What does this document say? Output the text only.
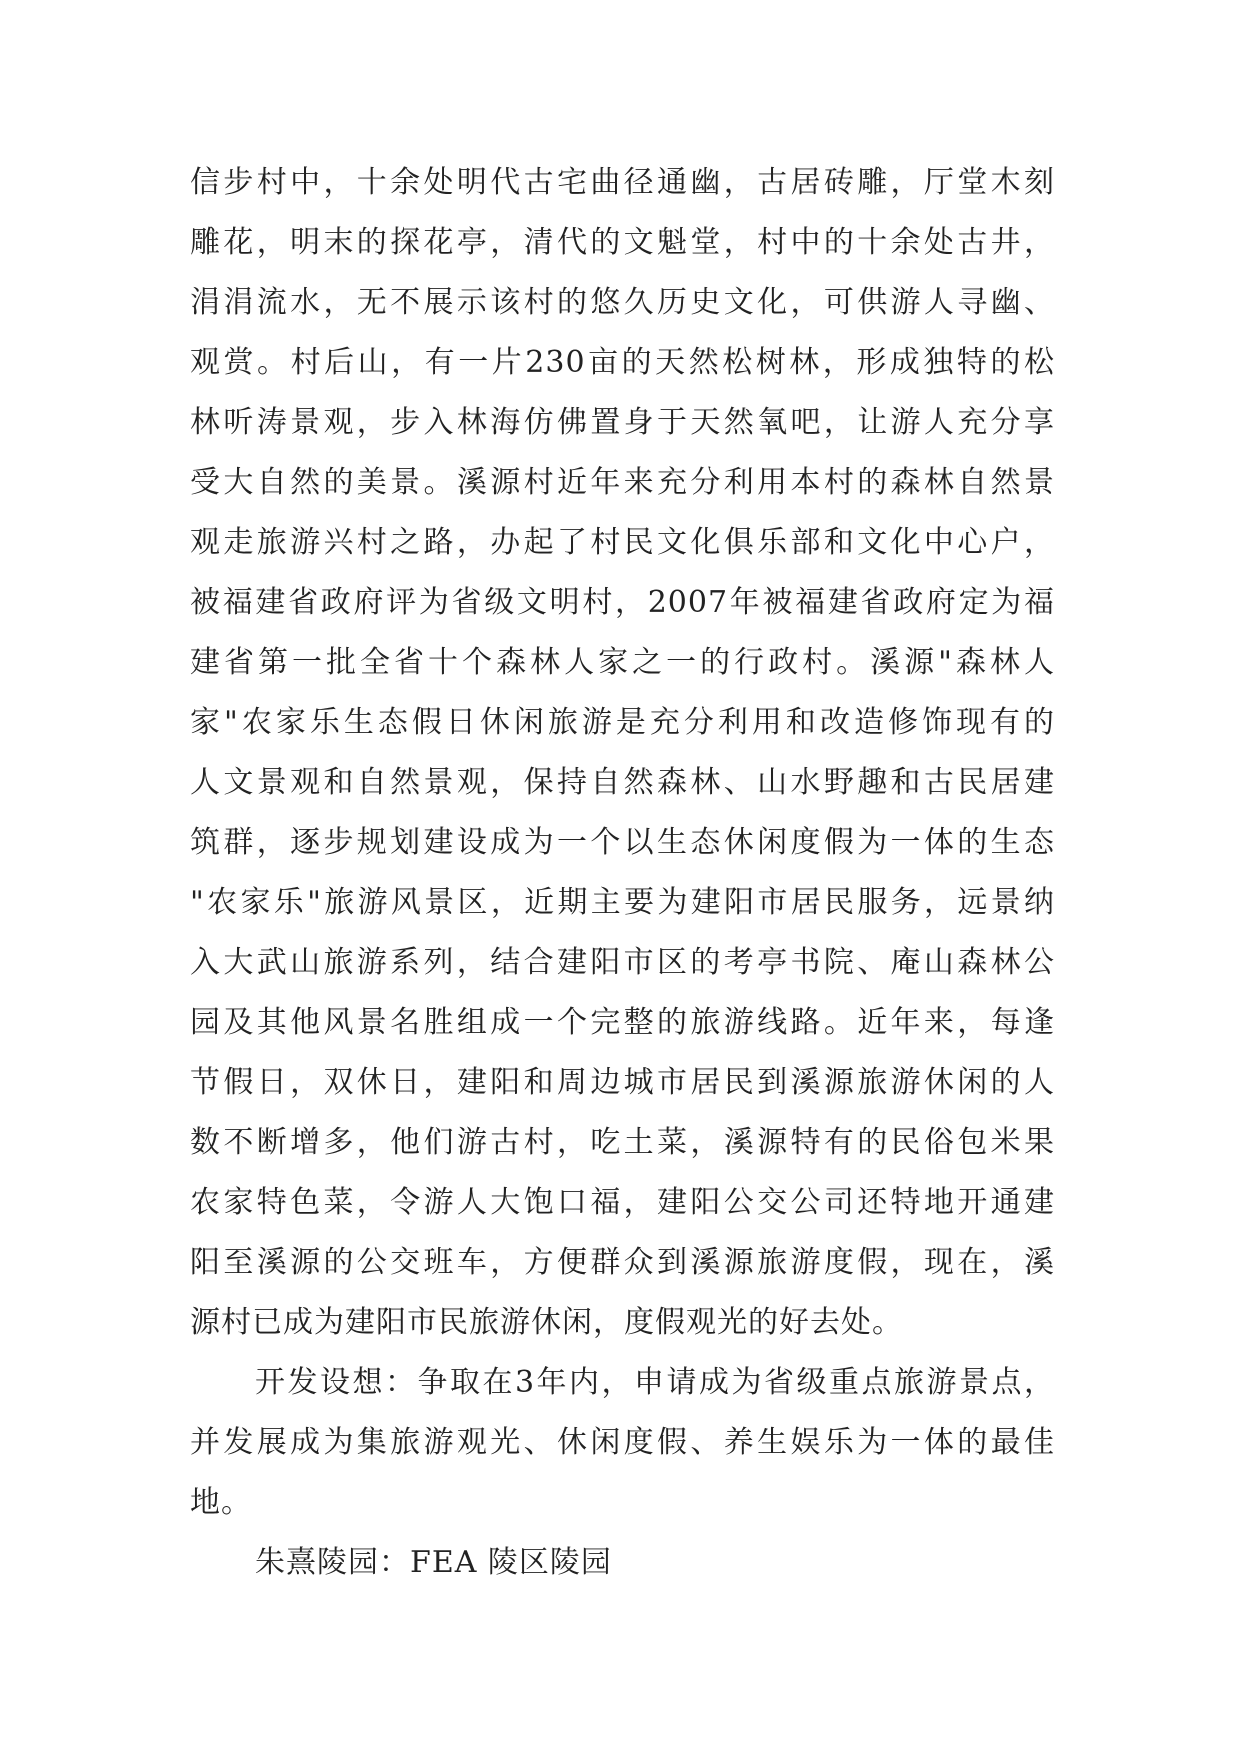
信步村中，十余处明代古宅曲径通幽，古居砖雕，厅堂木刻
雕花，明末的探花亭，清代的文魁堂，村中的十余处古井，
涓涓流水，无不展示该村的悠久历史文化，可供游人寻幽、
观赏。村后山，有一片230亩的天然松树林，形成独特的松
林听涛景观，步入林海仿佛置身于天然氧吧，让游人充分享
受大自然的美景。溪源村近年来充分利用本村的森林自然景
观走旅游兴村之路，办起了村民文化俱乐部和文化中心户，
被福建省政府评为省级文明村，2007年被福建省政府定为福
建省第一批全省十个森林人家之一的行政村。溪源"森林人
家"农家乐生态假日休闲旅游是充分利用和改造修饰现有的
人文景观和自然景观，保持自然森林、山水野趣和古民居建
筑群，逐步规划建设成为一个以生态休闲度假为一体的生态
"农家乐"旅游风景区，近期主要为建阳市居民服务，远景纳
入大武山旅游系列，结合建阳市区的考亭书院、庵山森林公
园及其他风景名胜组成一个完整的旅游线路。近年来，每逢
节假日，双休日，建阳和周边城市居民到溪源旅游休闲的人
数不断增多，他们游古村，吃土菜，溪源特有的民俗包米果
农家特色菜，令游人大饱口福，建阳公交公司还特地开通建
阳至溪源的公交班车，方便群众到溪源旅游度假，现在，溪
源村已成为建阳市民旅游休闲，度假观光的好去处。
开发设想：争取在3年内，申请成为省级重点旅游景点，
并发展成为集旅游观光、休闲度假、养生娱乐为一体的最佳
地。
朱熹陵园：FEA 陵区陵园
